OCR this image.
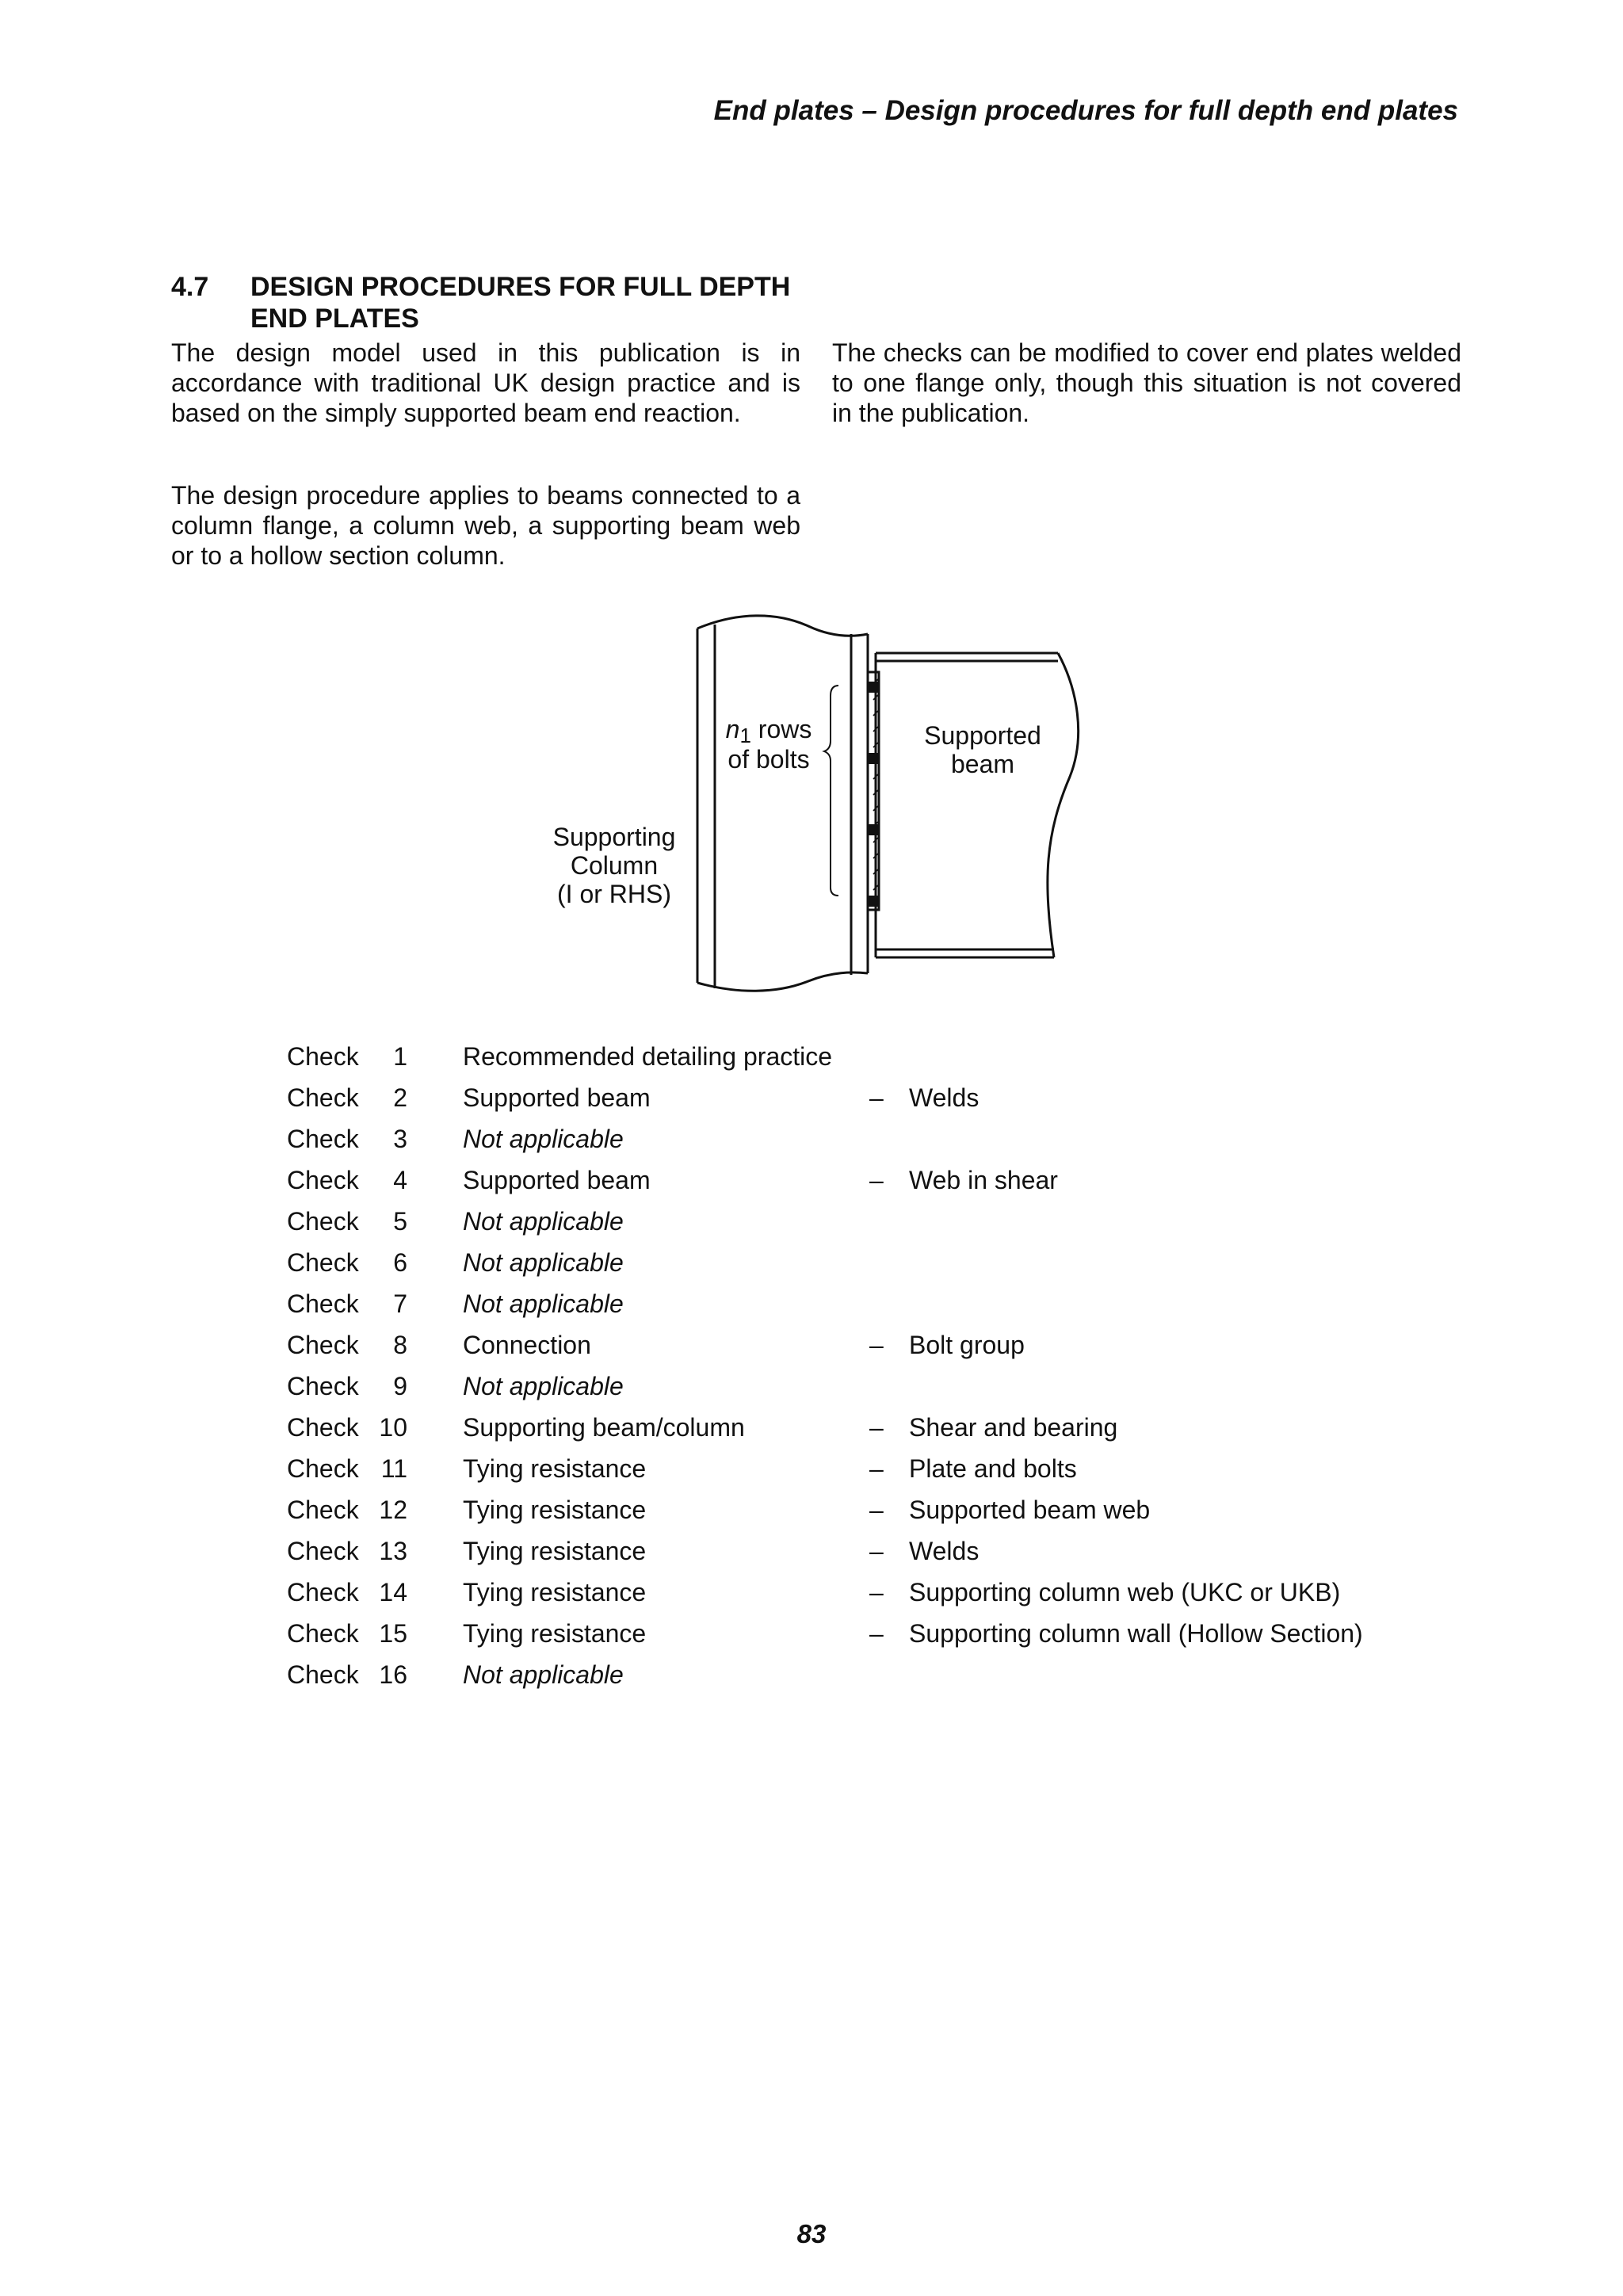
End plates – Design procedures for full depth end plates
4.7 DESIGN PROCEDURES FOR FULL DEPTH END PLATES

The design model used in this publication is in accordance with traditional UK design practice and is based on the simply supported beam end reaction.

The design procedure applies to beams connected to a column flange, a column web, a supporting beam web or to a hollow section column.

The checks can be modified to cover end plates welded to one flange only, though this situation is not covered in the publication.

n1 rows
of bolts
Supported
beam
Supporting
Column
(I or RHS)
Check	1 Recommended detailing practice
Check	2 Supported beam	– Welds
Check	3 Not applicable
Check	4 Supported beam	– Web in shear
Check	5 Not applicable
Check	6 Not applicable
Check	7 Not applicable
Check	8 Connection	– Bolt group
Check	9 Not applicable
Check 10 Supporting beam/column	– Shear and bearing
Check 11 Tying resistance	– Plate and bolts
Check 12 Tying resistance	– Supported beam web
Check 13 Tying resistance	– Welds
Check 14 Tying resistance	– Supporting column web (UKC or UKB)
Check 15 Tying resistance	– Supporting column wall (Hollow Section)
Check 16 Not applicable
83
